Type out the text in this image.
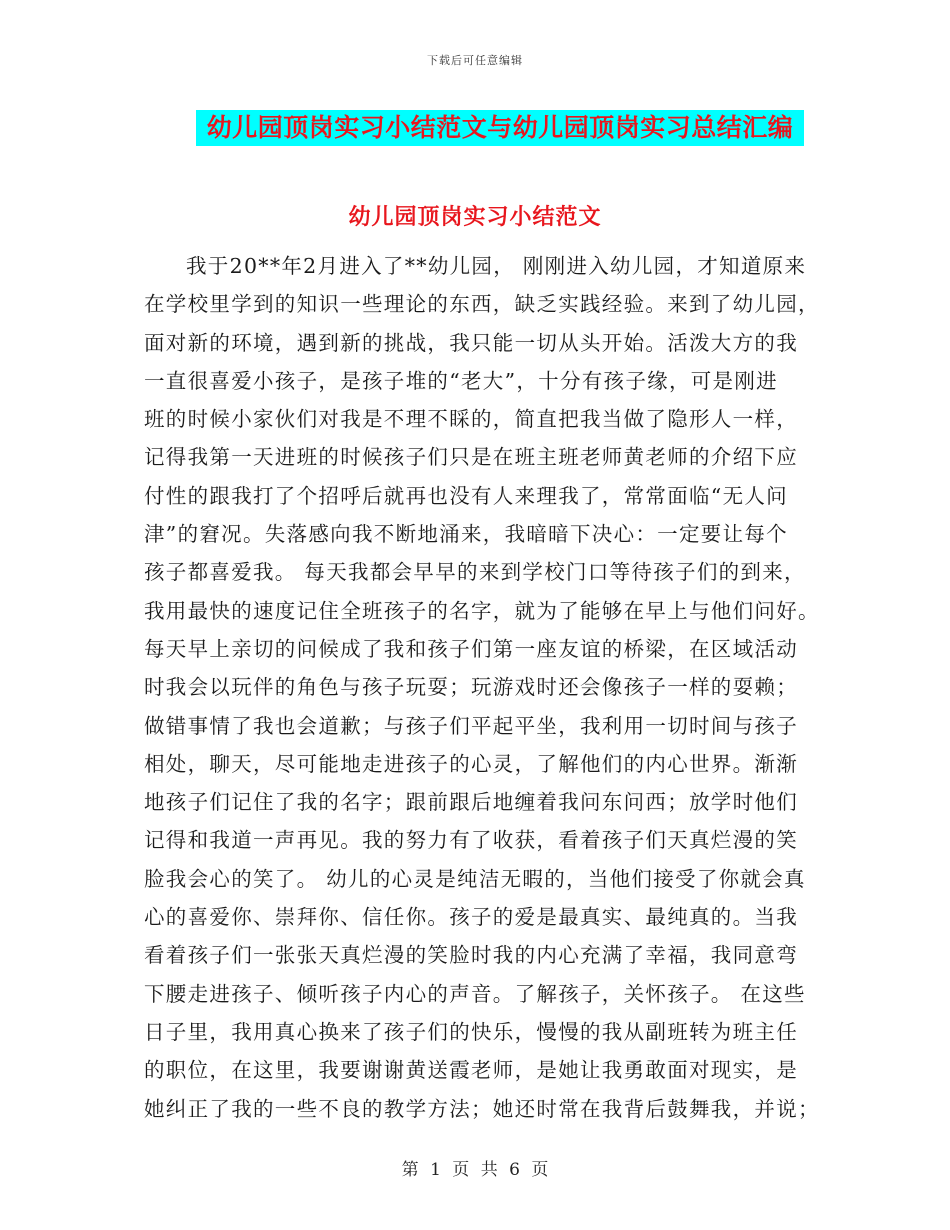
下载后可任意编辑
幼儿园顶岗实习小结范文与幼儿园顶岗实习总结汇编
幼儿园顶岗实习小结范文
我于20**年2月进入了**幼儿园， 刚刚进入幼儿园，才知道原来
在学校里学到的知识一些理论的东西，缺乏实践经验。来到了幼儿园，
面对新的环境，遇到新的挑战，我只能一切从头开始。活泼大方的我
一直很喜爱小孩子，是孩子堆的“老大”，十分有孩子缘，可是刚进
班的时候小家伙们对我是不理不睬的，简直把我当做了隐形人一样，
记得我第一天进班的时候孩子们只是在班主班老师黄老师的介绍下应
付性的跟我打了个招呼后就再也没有人来理我了，常常面临“无人问
津”的窘况。失落感向我不断地涌来，我暗暗下决心：一定要让每个
孩子都喜爱我。 每天我都会早早的来到学校门口等待孩子们的到来，
我用最快的速度记住全班孩子的名字，就为了能够在早上与他们问好。
每天早上亲切的问候成了我和孩子们第一座友谊的桥梁，在区域活动
时我会以玩伴的角色与孩子玩耍；玩游戏时还会像孩子一样的耍赖；
做错事情了我也会道歉；与孩子们平起平坐，我利用一切时间与孩子
相处，聊天，尽可能地走进孩子的心灵，了解他们的内心世界。渐渐
地孩子们记住了我的名字；跟前跟后地缠着我问东问西；放学时他们
记得和我道一声再见。我的努力有了收获，看着孩子们天真烂漫的笑
脸我会心的笑了。 幼儿的心灵是纯洁无暇的，当他们接受了你就会真
心的喜爱你、崇拜你、信任你。孩子的爱是最真实、最纯真的。当我
看着孩子们一张张天真烂漫的笑脸时我的内心充满了幸福，我同意弯
下腰走进孩子、倾听孩子内心的声音。了解孩子，关怀孩子。 在这些
日子里，我用真心换来了孩子们的快乐，慢慢的我从副班转为班主任
的职位，在这里，我要谢谢黄送霞老师，是她让我勇敢面对现实，是
她纠正了我的一些不良的教学方法；她还时常在我背后鼓舞我，并说；
第 1 页 共 6 页
